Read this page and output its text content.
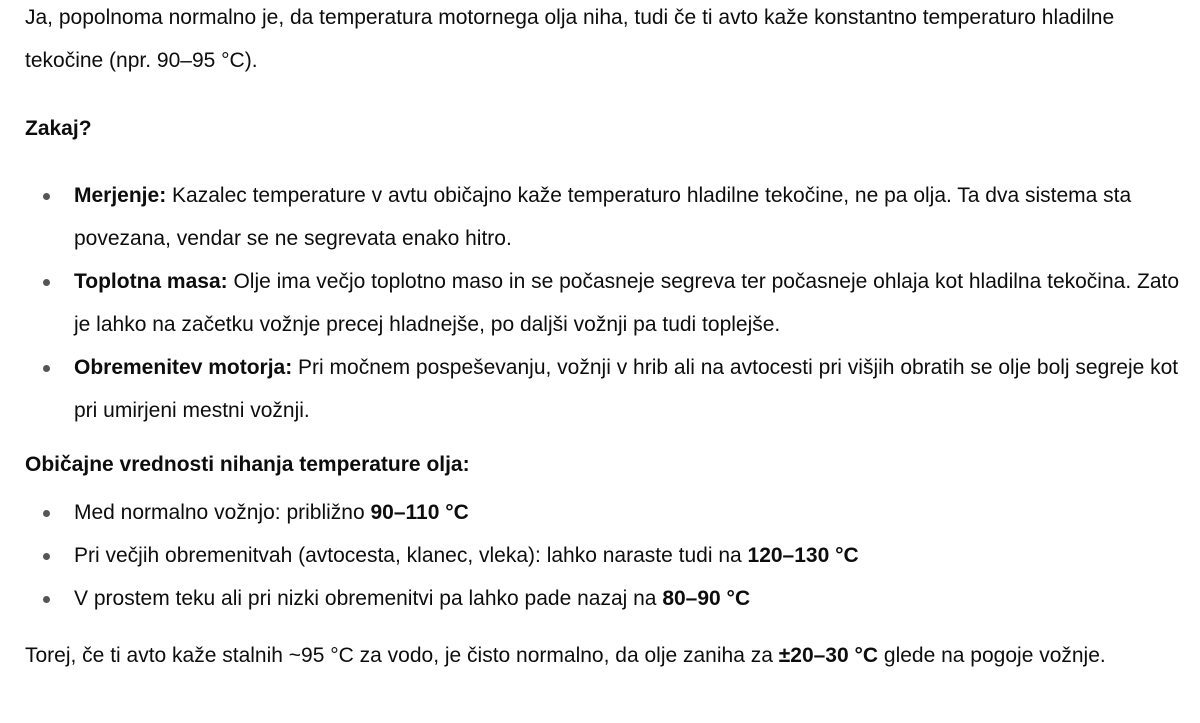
Ja, popolnoma normalno je, da temperatura motornega olja niha, tudi če ti avto kaže konstantno temperaturo hladilne tekočine (npr. 90–95 °C).

Zakaj?

Merjenje: Kazalec temperature v avtu običajno kaže temperaturo hladilne tekočine, ne pa olja. Ta dva sistema sta povezana, vendar se ne segrevata enako hitro.
Toplotna masa: Olje ima večjo toplotno maso in se počasneje segreva ter počasneje ohlaja kot hladilna tekočina. Zato je lahko na začetku vožnje precej hladnejše, po daljši vožnji pa tudi toplejše.
Obremenitev motorja: Pri močnem pospeševanju, vožnji v hrib ali na avtocesti pri višjih obratih se olje bolj segreje kot pri umirjeni mestni vožnji.

Običajne vrednosti nihanja temperature olja:

Med normalno vožnjo: približno 90–110 °C
Pri večjih obremenitvah (avtocesta, klanec, vleka): lahko naraste tudi na 120–130 °C
V prostem teku ali pri nizki obremenitvi pa lahko pade nazaj na 80–90 °C

Torej, če ti avto kaže stalnih ~95 °C za vodo, je čisto normalno, da olje zaniha za ±20–30 °C glede na pogoje vožnje.
